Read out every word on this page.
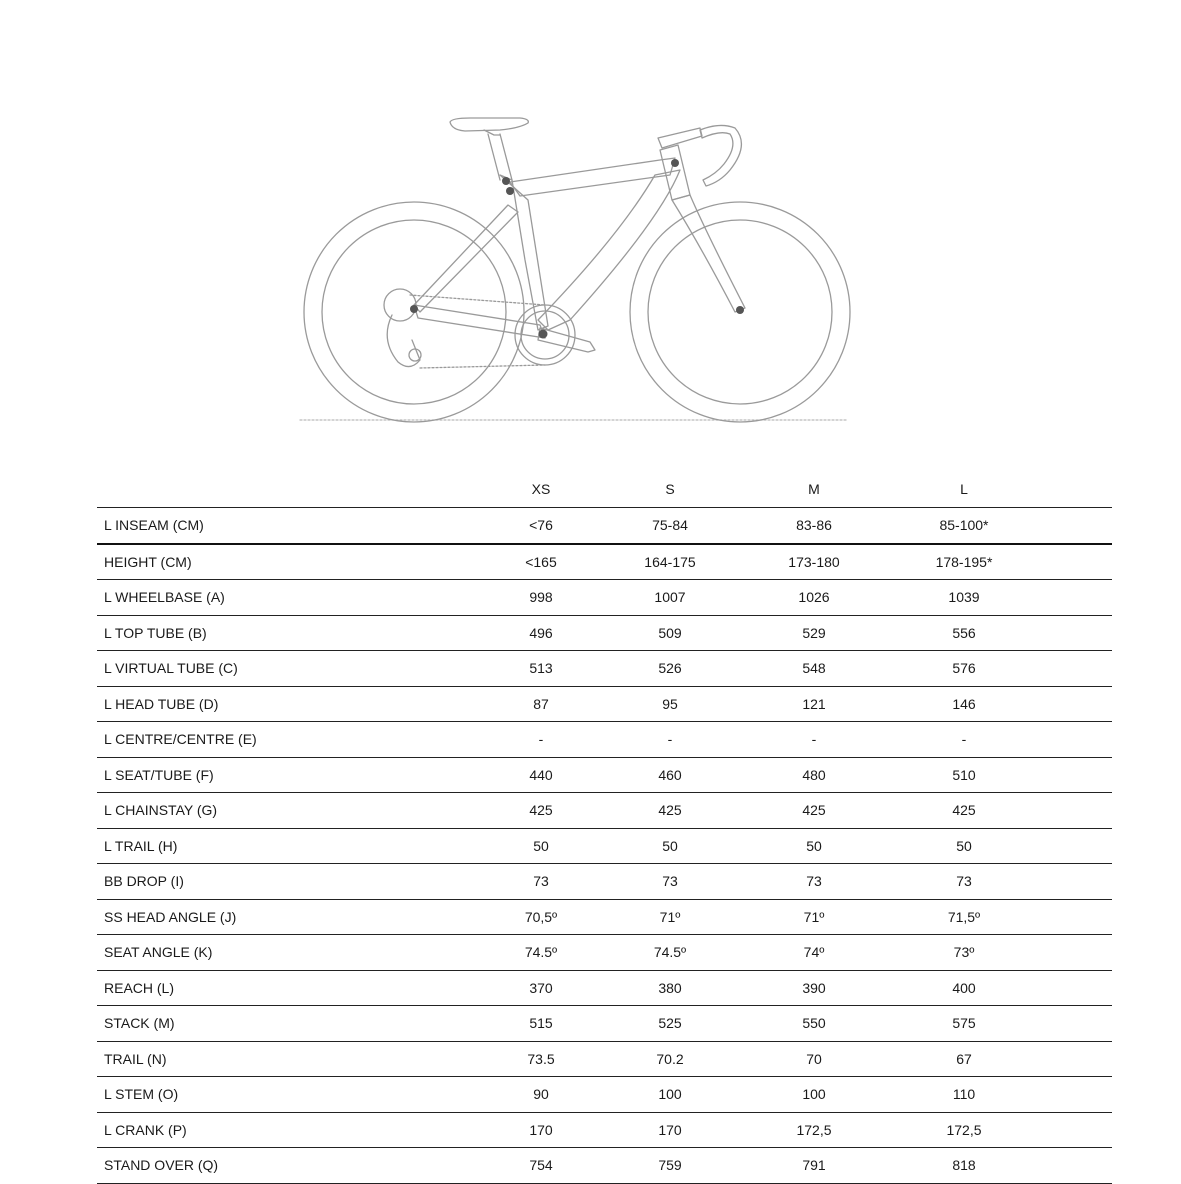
	XS	S	M	L	
L INSEAM (CM)	<76	75-84	83-86	85-100*	
HEIGHT (CM)	<165	164-175	173-180	178-195*	
L WHEELBASE (A)	998	1007	1026	1039	
L TOP TUBE (B)	496	509	529	556	
L VIRTUAL TUBE (C)	513	526	548	576	
L HEAD TUBE (D)	87	95	121	146	
L CENTRE/CENTRE (E)	-	-	-	-	
L SEAT/TUBE (F)	440	460	480	510	
L CHAINSTAY (G)	425	425	425	425	
L TRAIL (H)	50	50	50	50	
BB DROP (I)	73	73	73	73	
SS HEAD ANGLE (J)	70,5º	71º	71º	71,5º	
SEAT ANGLE (K)	74.5º	74.5º	74º	73º	
REACH (L)	370	380	390	400	
STACK (M)	515	525	550	575	
TRAIL (N)	73.5	70.2	70	67	
L STEM (O)	90	100	100	110	
L CRANK (P)	170	170	172,5	172,5	
STAND OVER (Q)	754	759	791	818	
